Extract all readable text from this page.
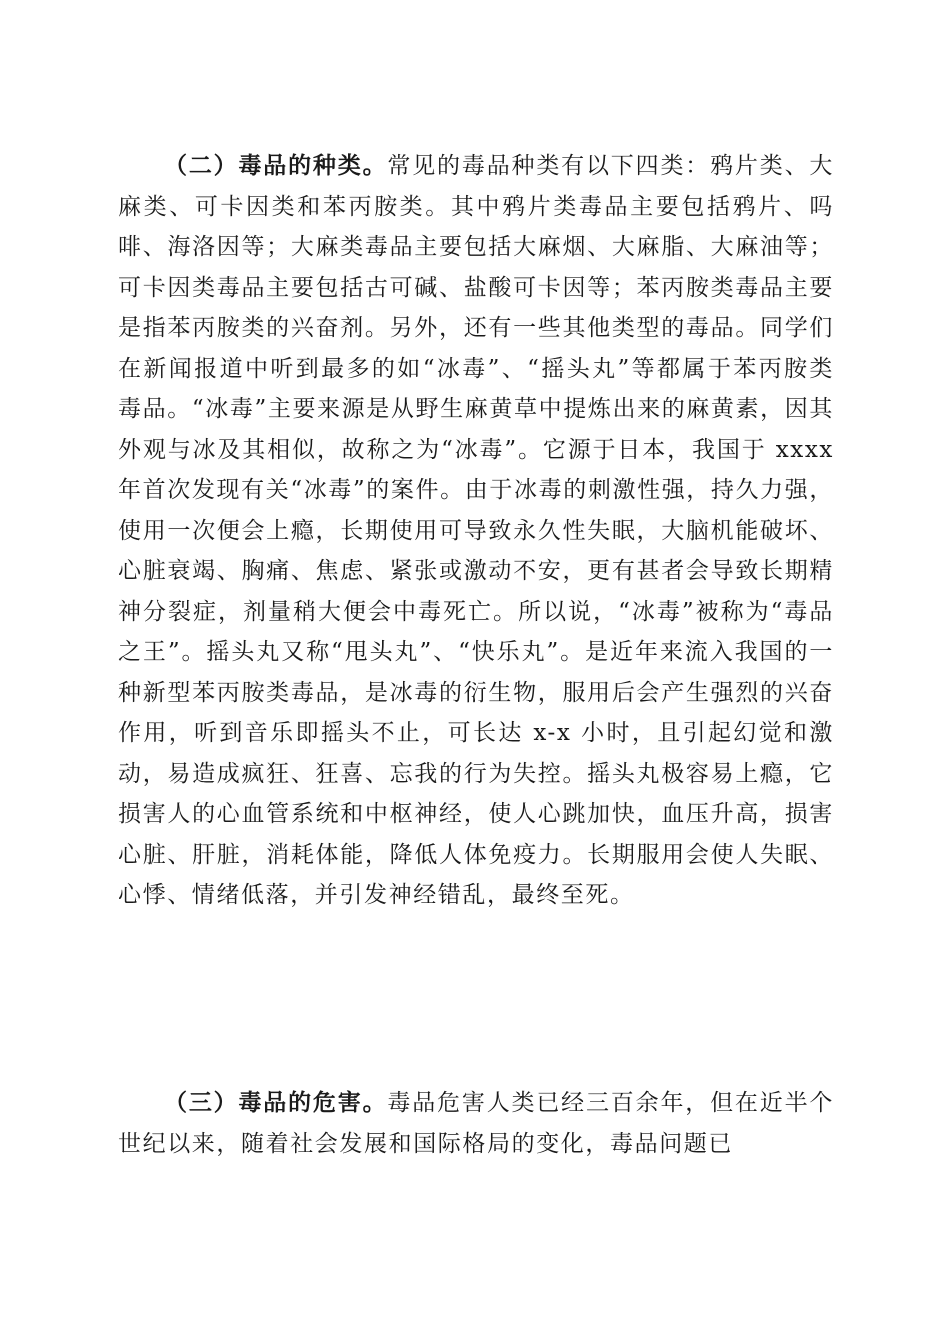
（二）毒品的种类。常见的毒品种类有以下四类：鸦片类、大麻类、可卡因类和苯丙胺类。其中鸦片类毒品主要包括鸦片、吗啡、海洛因等；大麻类毒品主要包括大麻烟、大麻脂、大麻油等；可卡因类毒品主要包括古可碱、盐酸可卡因等；苯丙胺类毒品主要是指苯丙胺类的兴奋剂。另外，还有一些其他类型的毒品。同学们在新闻报道中听到最多的如“冰毒”、“摇头丸”等都属于苯丙胺类毒品。“冰毒”主要来源是从野生麻黄草中提炼出来的麻黄素，因其外观与冰及其相似，故称之为“冰毒”。它源于日本，我国于 xxxx 年首次发现有关“冰毒”的案件。由于冰毒的刺激性强，持久力强，使用一次便会上瘾，长期使用可导致永久性失眠，大脑机能破坏、心脏衰竭、胸痛、焦虑、紧张或激动不安，更有甚者会导致长期精神分裂症，剂量稍大便会中毒死亡。所以说，“冰毒”被称为“毒品之王”。摇头丸又称“甩头丸”、“快乐丸”。是近年来流入我国的一种新型苯丙胺类毒品，是冰毒的衍生物，服用后会产生强烈的兴奋作用，听到音乐即摇头不止，可长达 x-x 小时，且引起幻觉和激动，易造成疯狂、狂喜、忘我的行为失控。摇头丸极容易上瘾，它损害人的心血管系统和中枢神经，使人心跳加快，血压升高，损害心脏、肝脏，消耗体能，降低人体免疫力。长期服用会使人失眠、心悸、情绪低落，并引发神经错乱，最终至死。

（三）毒品的危害。毒品危害人类已经三百余年，但在近半个世纪以来，随着社会发展和国际格局的变化，毒品问题已
